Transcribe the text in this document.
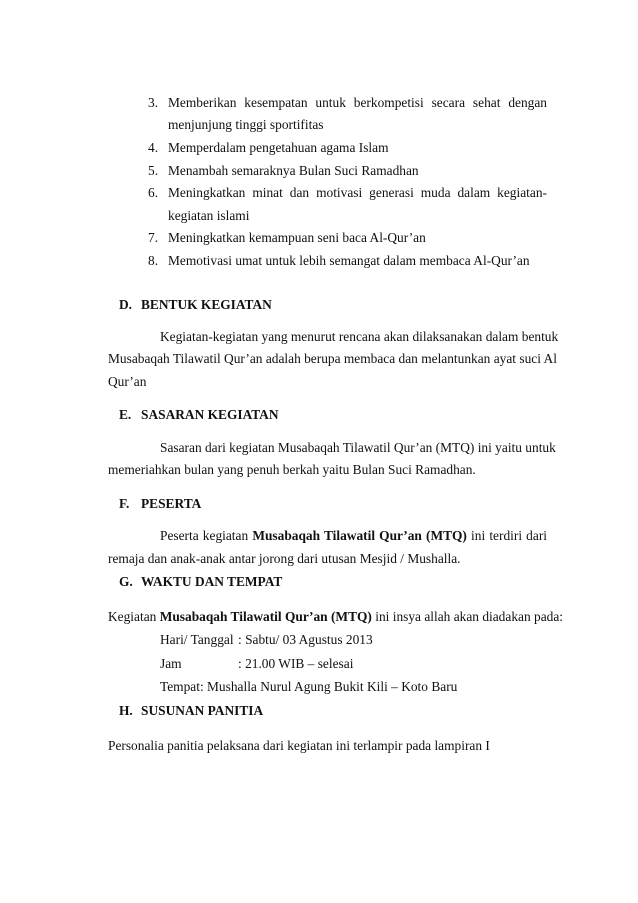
3. Memberikan kesempatan untuk berkompetisi secara sehat dengan
menjunjung tinggi sportifitas
4. Memperdalam pengetahuan agama Islam
5. Menambah semaraknya Bulan Suci Ramadhan
6. Meningkatkan minat dan motivasi generasi muda dalam kegiatan-
kegiatan islami
7. Meningkatkan kemampuan seni baca Al-Qur’an
8. Memotivasi umat untuk lebih semangat dalam membaca Al-Qur’an
D. BENTUK KEGIATAN
Kegiatan-kegiatan yang menurut rencana akan dilaksanakan dalam bentuk
Musabaqah Tilawatil Qur’an adalah berupa membaca dan melantunkan ayat suci Al
Qur’an
E. SASARAN KEGIATAN
Sasaran dari kegiatan Musabaqah Tilawatil Qur’an (MTQ) ini yaitu untuk
memeriahkan bulan yang penuh berkah yaitu Bulan Suci Ramadhan.
F. PESERTA
Peserta kegiatan Musabaqah Tilawatil Qur’an (MTQ) ini terdiri dari
remaja dan anak-anak antar jorong dari utusan Mesjid / Mushalla.
G. WAKTU DAN TEMPAT
Kegiatan Musabaqah Tilawatil Qur’an (MTQ) ini insya allah akan diadakan pada:
Hari/ Tanggal : Sabtu/ 03 Agustus 2013
Jam	: 21.00 WIB – selesai
Tempat: Mushalla Nurul Agung Bukit Kili – Koto Baru
H. SUSUNAN PANITIA
Personalia panitia pelaksana dari kegiatan ini terlampir pada lampiran I
